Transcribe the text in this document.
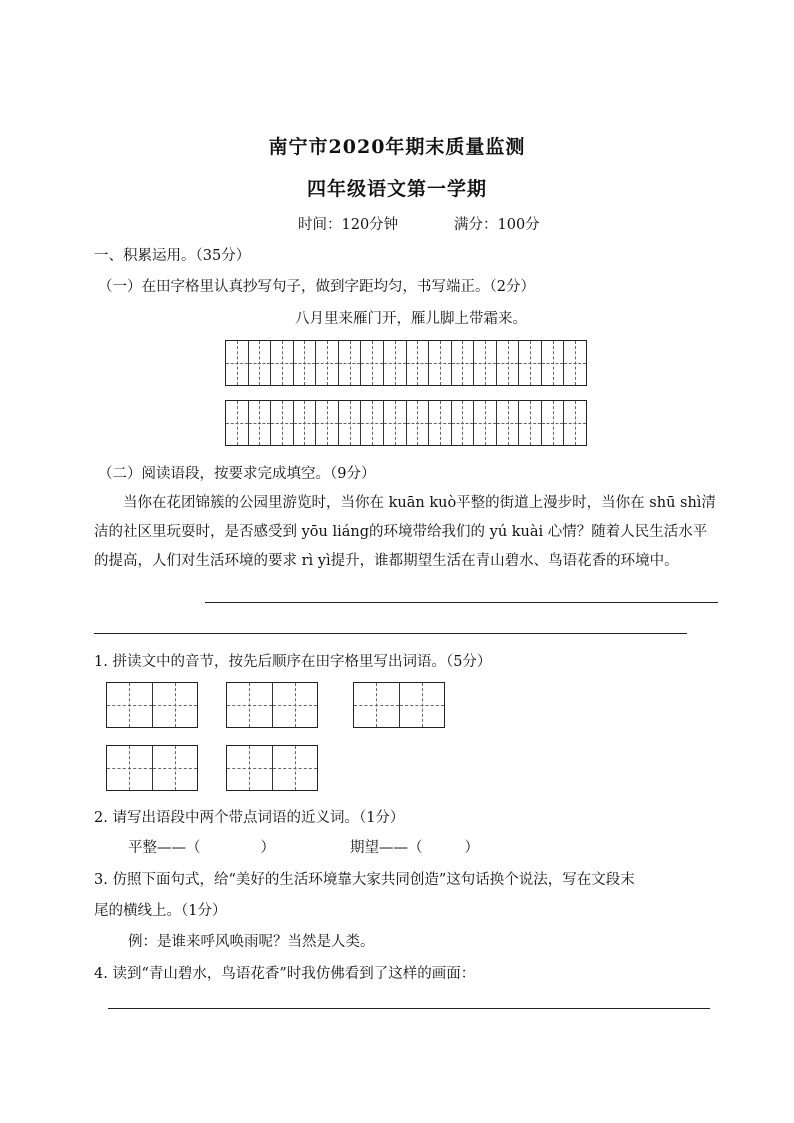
南宁市2020年期末质量监测
四年级语文第一学期
时间：120分钟	满分：100分
一、积累运用。（35分）
（一）在田字格里认真抄写句子，做到字距均匀，书写端正。（2分）
八月里来雁门开，雁儿脚上带霜来。
（二）阅读语段，按要求完成填空。（9分）
当你在花团锦簇的公园里游览时，当你在 kuān kuò平整的街道上漫步时，当你在 shū shì清洁的社区里玩耍时，是否感受到 yōu liáng的环境带给我们的 yú kuài 心情？随着人民生活水平的提高，人们对生活环境的要求 rì yì提升，谁都期望生活在青山碧水、鸟语花香的环境中。
1. 拼读文中的音节，按先后顺序在田字格里写出词语。（5分）
2. 请写出语段中两个带点词语的近义词。（1分）
平整——（	）	期望——（	）
3. 仿照下面句式，给“美好的生活环境靠大家共同创造”这句话换个说法，写在文段末
尾的横线上。（1分）
例：是谁来呼风唤雨呢？当然是人类。
4. 读到“青山碧水，鸟语花香”时我仿佛看到了这样的画面：
